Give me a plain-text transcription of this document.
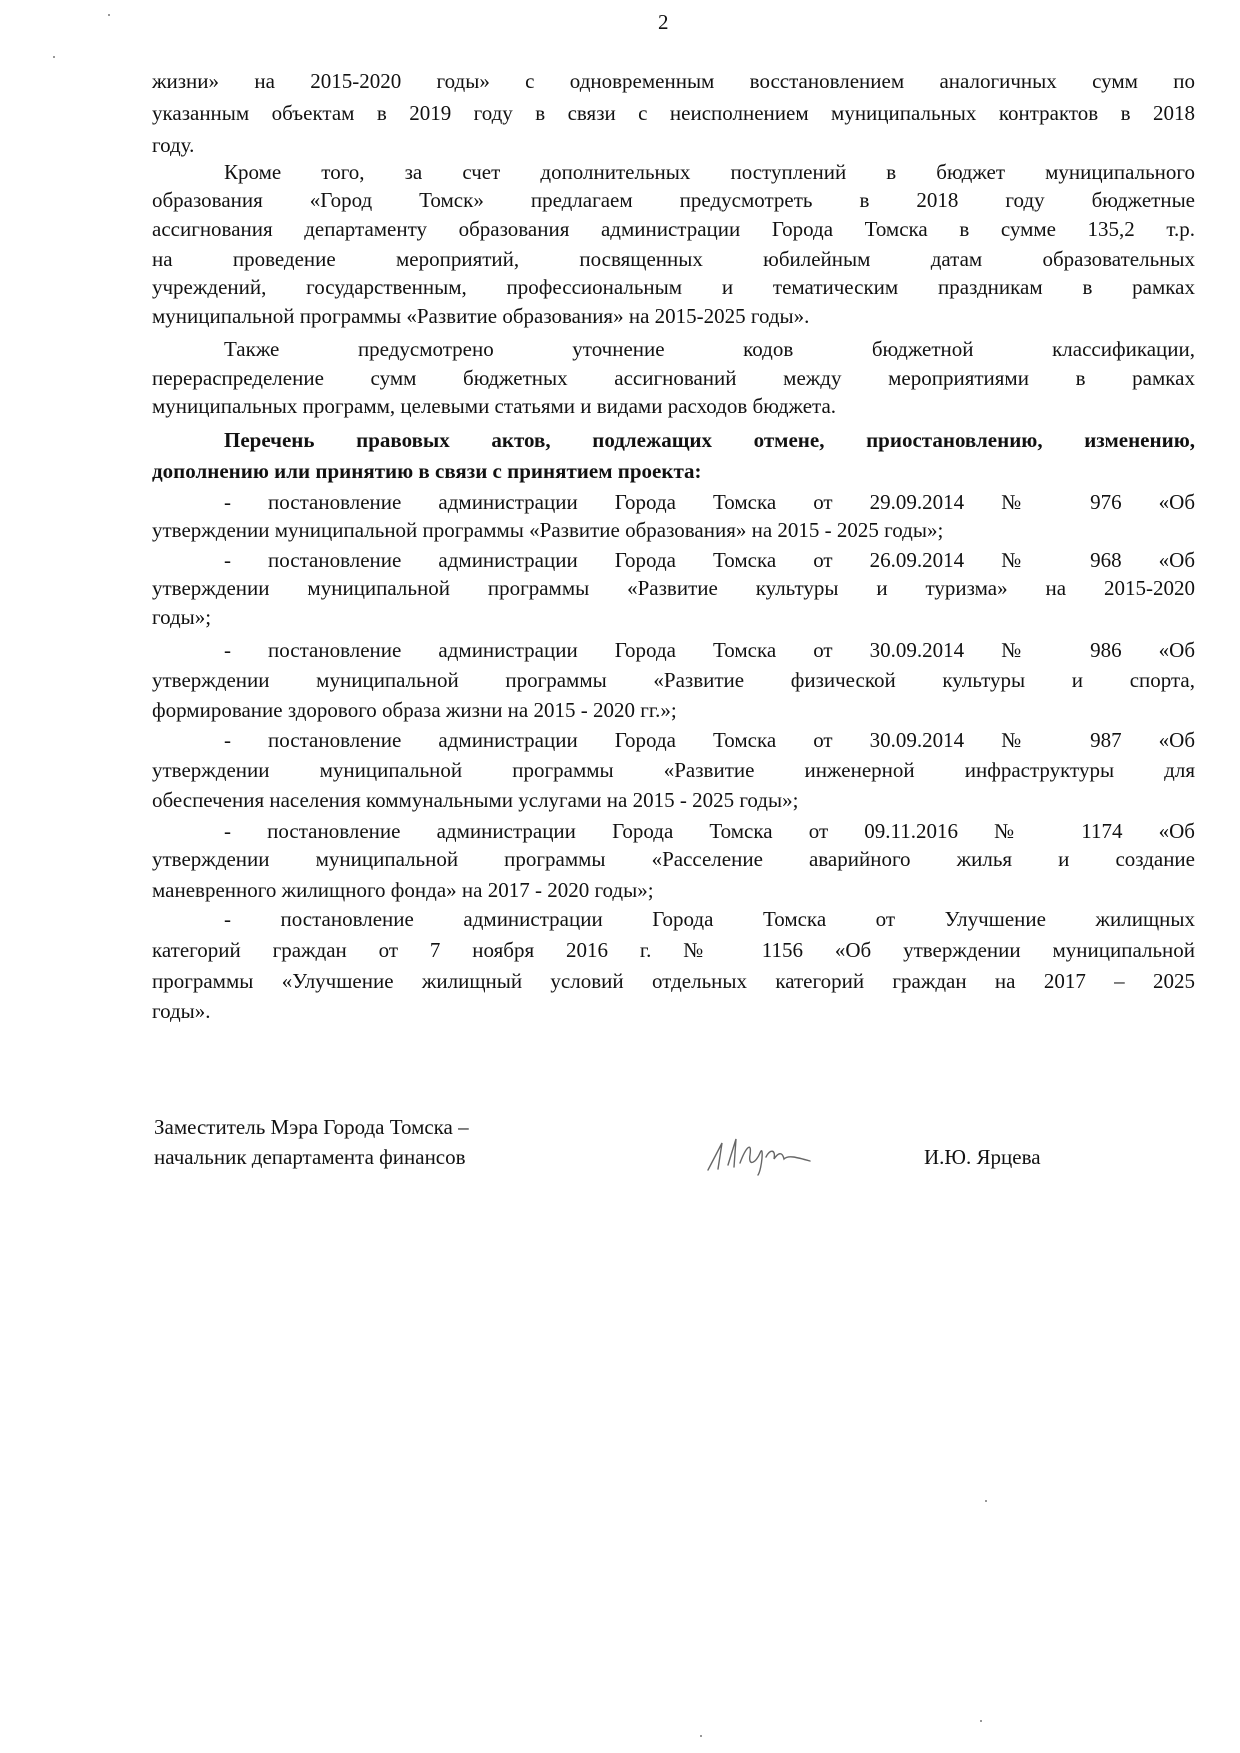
2
жизни» на 2015-2020 годы» с одновременным восстановлением аналогичных сумм по
указанным объектам в 2019 году в связи с неисполнением муниципальных контрактов в 2018
году.
Кроме того, за счет дополнительных поступлений в бюджет муниципального
образования «Город Томск» предлагаем предусмотреть в 2018 году бюджетные
ассигнования департаменту образования администрации Города Томска в сумме 135,2 т.р.
на проведение мероприятий, посвященных юбилейным датам образовательных
учреждений, государственным, профессиональным и тематическим праздникам в рамках
муниципальной программы «Развитие образования» на 2015-2025 годы».
Также предусмотрено уточнение кодов бюджетной классификации,
перераспределение сумм бюджетных ассигнований между мероприятиями в рамках
муниципальных программ, целевыми статьями и видами расходов бюджета.
Перечень правовых актов, подлежащих отмене, приостановлению, изменению,
дополнению или принятию в связи с принятием проекта:
- постановление администрации Города Томска от 29.09.2014 № 976 «Об
утверждении муниципальной программы «Развитие образования» на 2015 - 2025 годы»;
- постановление администрации Города Томска от 26.09.2014 № 968 «Об
утверждении муниципальной программы «Развитие культуры и туризма» на 2015-2020
годы»;
- постановление администрации Города Томска от 30.09.2014 № 986 «Об
утверждении муниципальной программы «Развитие физической культуры и спорта,
формирование здорового образа жизни на 2015 - 2020 гг.»;
- постановление администрации Города Томска от 30.09.2014 № 987 «Об
утверждении муниципальной программы «Развитие инженерной инфраструктуры для
обеспечения населения коммунальными услугами на 2015 - 2025 годы»;
- постановление администрации Города Томска от 09.11.2016 № 1174 «Об
утверждении муниципальной программы «Расселение аварийного жилья и создание
маневренного жилищного фонда» на 2017 - 2020 годы»;
- постановление администрации Города Томска от Улучшение жилищных
категорий граждан от 7 ноября 2016 г. № 1156 «Об утверждении муниципальной
программы «Улучшение жилищный условий отдельных категорий граждан на 2017 – 2025
годы».
Заместитель Мэра Города Томска –
начальник департамента финансов	И.Ю. Ярцева
